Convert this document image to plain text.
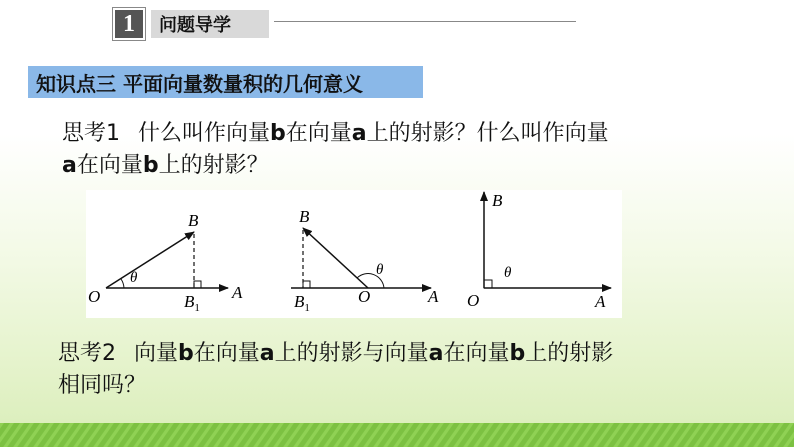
1	问题导学
知识点三 平面向量数量积的几何意义
思考1 什么叫作向量b在向量a上的射影？什么叫作向量
a在向量b上的射影？
O	A
B
$B_1$
θ
O	A
B
$B_1$
θ
O	A
B
θ
思考2 向量b在向量a上的射影与向量a在向量b上的射影
相同吗？
